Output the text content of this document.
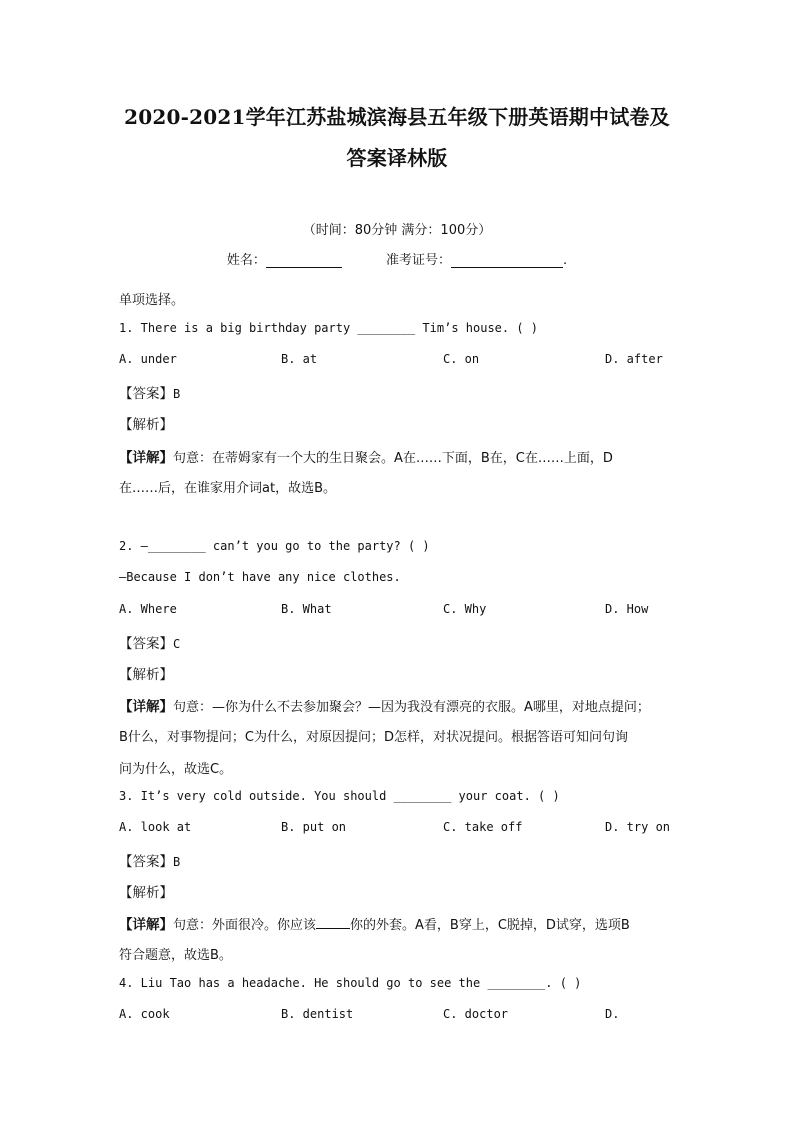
2020-2021学年江苏盐城滨海县五年级下册英语期中试卷及
答案译林版
（时间：80分钟 满分：100分）
姓名：	准考证号：	.
单项选择。
1. There is a big birthday party ________ Tim’s house. ( )
A. under	B. at	C. on	D. after
【答案】B
【解析】
【详解】句意：在蒂姆家有一个大的生日聚会。A在……下面，B在，C在……上面，D
在……后，在谁家用介词at，故选B。
2. —________ can’t you go to the party? ( )
—Because I don’t have any nice clothes.
A. Where	B. What	C. Why	D. How
【答案】C
【解析】
【详解】句意：—你为什么不去参加聚会？—因为我没有漂亮的衣服。A哪里，对地点提问；
B什么，对事物提问；C为什么，对原因提问；D怎样，对状况提问。根据答语可知问句询
问为什么，故选C。
3. It’s very cold outside. You should ________ your coat. ( )
A. look at	B. put on	C. take off	D. try on
【答案】B
【解析】
【详解】句意：外面很冷。你应该	你的外套。A看，B穿上，C脱掉，D试穿，选项B
符合题意，故选B。
4. Liu Tao has a headache. He should go to see the ________. ( )
A. cook	B. dentist	C. doctor	D.
